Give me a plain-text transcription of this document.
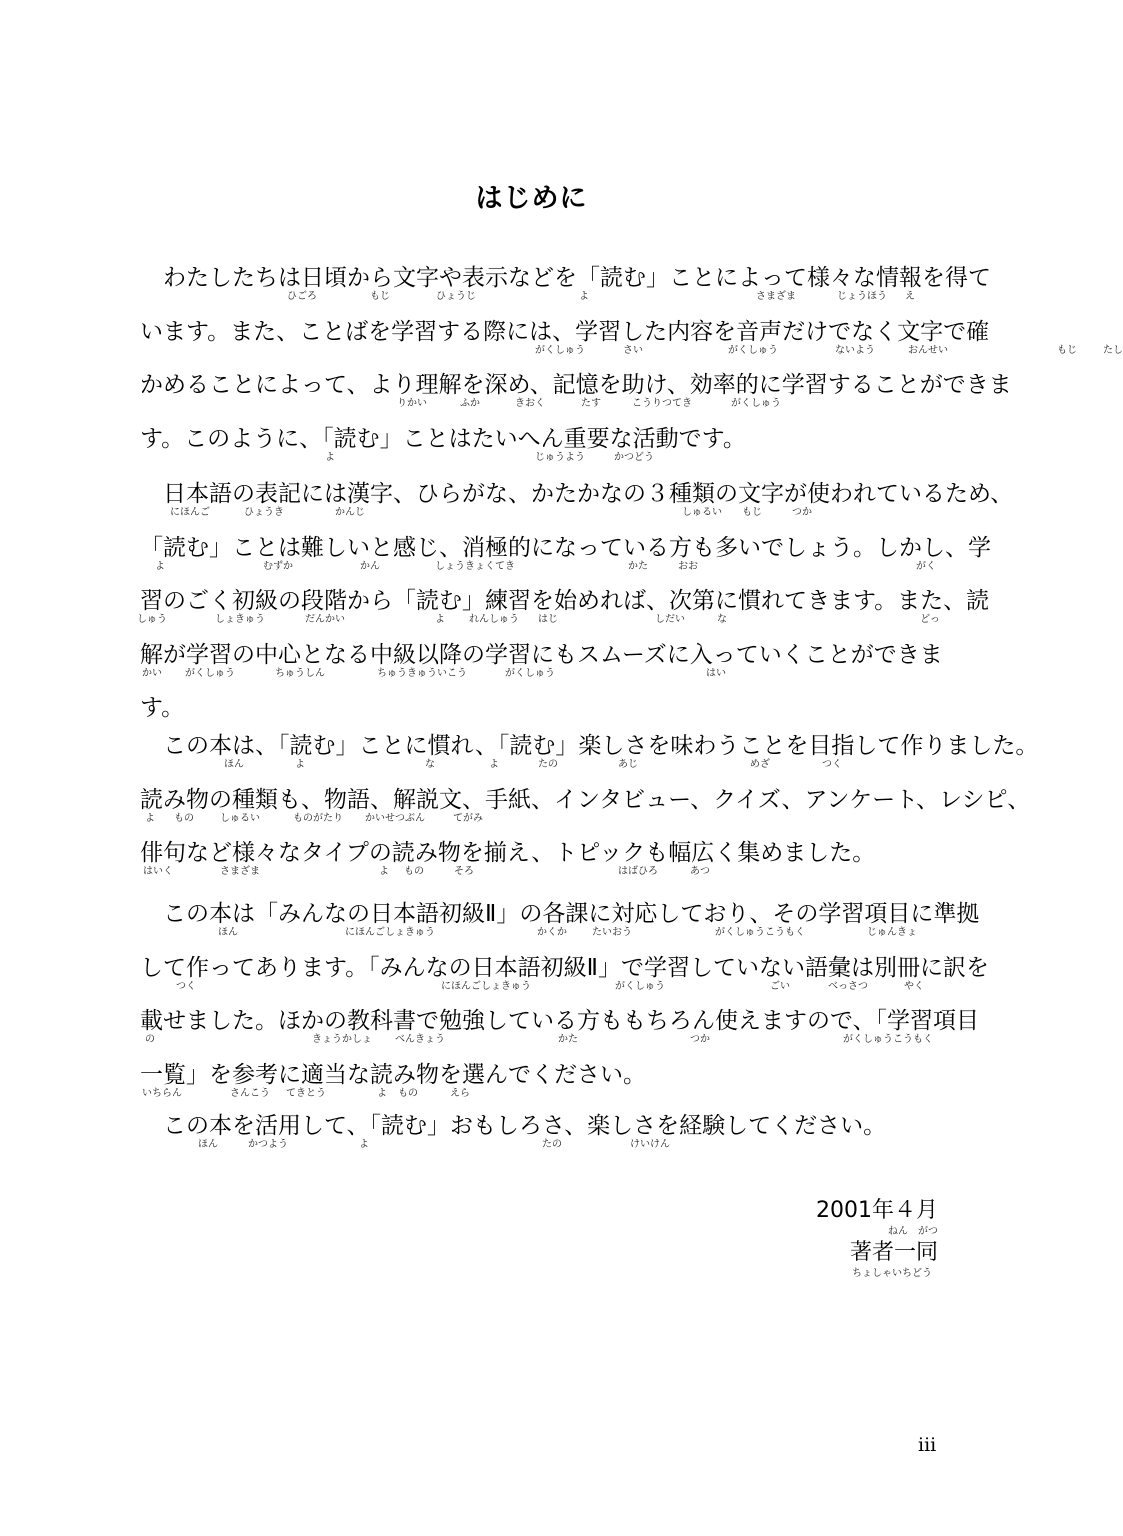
はじめに
　わたしたちは日頃から文字や表示などを「読む」ことによって様々な情報を得て
ひごろ	もじ	ひょうじ	よ	さまざま	じょうほう え
います。また、ことばを学習する際には、学習した内容を音声だけでなく文字で確
がくしゅう	さい	がくしゅう	ないよう	おんせい	もじ	たし
かめることによって、より理解を深め、記憶を助け、効率的に学習することができま
りかい	ふか	きおく	たす	こうりつてき	がくしゅう
す。このように、「読む」ことはたいへん重要な活動です。
よ	じゅうよう	かつどう
　日本語の表記には漢字、ひらがな、かたかなの３種類の文字が使われているため、
にほんご	ひょうき	かんじ	しゅるい もじ	つか
「読む」ことは難しいと感じ、消極的になっている方も多いでしょう。しかし、学
よ	むずか	かん	しょうきょくてき	かた	おお	がく
習のごく初級の段階から「読む」練習を始めれば、次第に慣れてきます。また、読
しゅう	しょきゅう	だんかい	よ れんしゅう はじ	しだい	な	どっ
解が学習の中心となる中級以降の学習にもスムーズに入っていくことができま
かい がくしゅう	ちゅうしん	ちゅうきゅういこう	がくしゅう	はい
す。
　この本は、「読む」ことに慣れ、「読む」楽しさを味わうことを目指して作りました。
ほん	よ	な	よ	たの	あじ	めざ	つく
読み物の種類も、物語、解説文、手紙、インタビュー、クイズ、アンケート、レシピ、
よ もの	しゅるい	ものがたり かいせつぶん	てがみ
俳句など様々なタイプの読み物を揃え、トピックも幅広く集めました。
はいく	さまざま	よ もの	そろ	はばひろ	あつ
　この本は「みんなの日本語初級Ⅱ」の各課に対応しており、その学習項目に準拠
ほん	にほんごしょきゅう	かくか	たいおう	がくしゅうこうもく	じゅんきょ
して作ってあります。「みんなの日本語初級Ⅱ」で学習していない語彙は別冊に訳を
つく	にほんごしょきゅう	がくしゅう	ごい	べっさつ	やく
載せました。ほかの教科書で勉強している方ももちろん使えますので、「学習項目
の	きょうかしょ べんきょう	かた	つか	がくしゅうこうもく
一覧」を参考に適当な読み物を選んでください。
いちらん	さんこう てきとう	よ もの	えら
　この本を活用して、「読む」おもしろさ、楽しさを経験してください。
ほん	かつよう	よ	たの	けいけん
2001年４月
ねん　がつ
著者一同
ちょしゃいちどう
iii
